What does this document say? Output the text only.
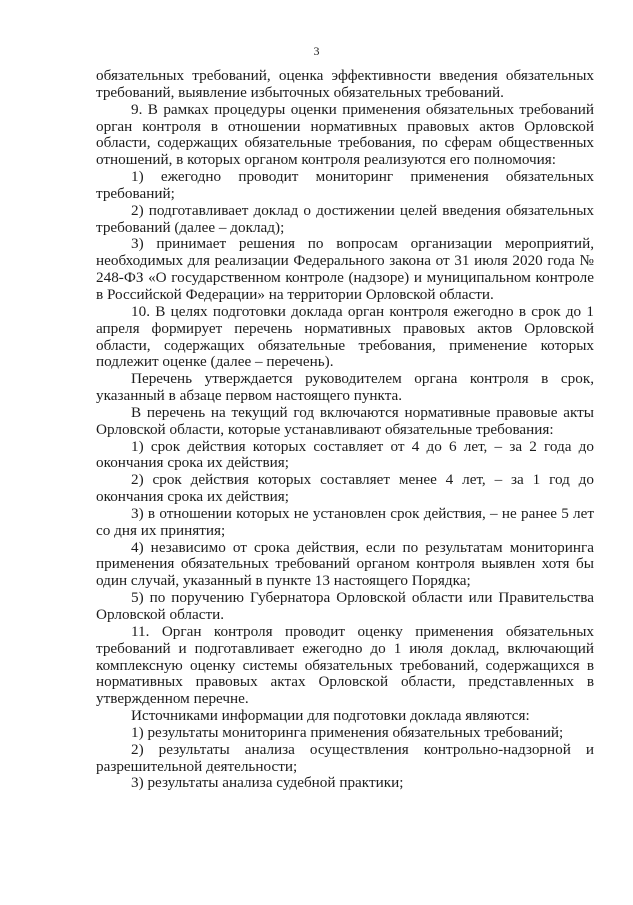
3

обязательных требований, оценка эффективности введения обязательных требований, выявление избыточных обязательных требований.

9. В рамках процедуры оценки применения обязательных требований орган контроля в отношении нормативных правовых актов Орловской области, содержащих обязательные требования, по сферам общественных отношений, в которых органом контроля реализуются его полномочия:

1) ежегодно проводит мониторинг применения обязательных требований;

2) подготавливает доклад о достижении целей введения обязательных требований (далее – доклад);

3) принимает решения по вопросам организации мероприятий, необходимых для реализации Федерального закона от 31 июля 2020 года № 248-ФЗ «О государственном контроле (надзоре) и муниципальном контроле в Российской Федерации» на территории Орловской области.

10. В целях подготовки доклада орган контроля ежегодно в срок до 1 апреля формирует перечень нормативных правовых актов Орловской области, содержащих обязательные требования, применение которых подлежит оценке (далее – перечень).

Перечень утверждается руководителем органа контроля в срок, указанный в абзаце первом настоящего пункта.

В перечень на текущий год включаются нормативные правовые акты Орловской области, которые устанавливают обязательные требования:

1) срок действия которых составляет от 4 до 6 лет, – за 2 года до окончания срока их действия;

2) срок действия которых составляет менее 4 лет, – за 1 год до окончания срока их действия;

3) в отношении которых не установлен срок действия, – не ранее 5 лет со дня их принятия;

4) независимо от срока действия, если по результатам мониторинга применения обязательных требований органом контроля выявлен хотя бы один случай, указанный в пункте 13 настоящего Порядка;

5) по поручению Губернатора Орловской области или Правительства Орловской области.

11. Орган контроля проводит оценку применения обязательных требований и подготавливает ежегодно до 1 июля доклад, включающий комплексную оценку системы обязательных требований, содержащихся в нормативных правовых актах Орловской области, представленных в утвержденном перечне.

Источниками информации для подготовки доклада являются:

1) результаты мониторинга применения обязательных требований;

2) результаты анализа осуществления контрольно-надзорной и разрешительной деятельности;

3) результаты анализа судебной практики;
